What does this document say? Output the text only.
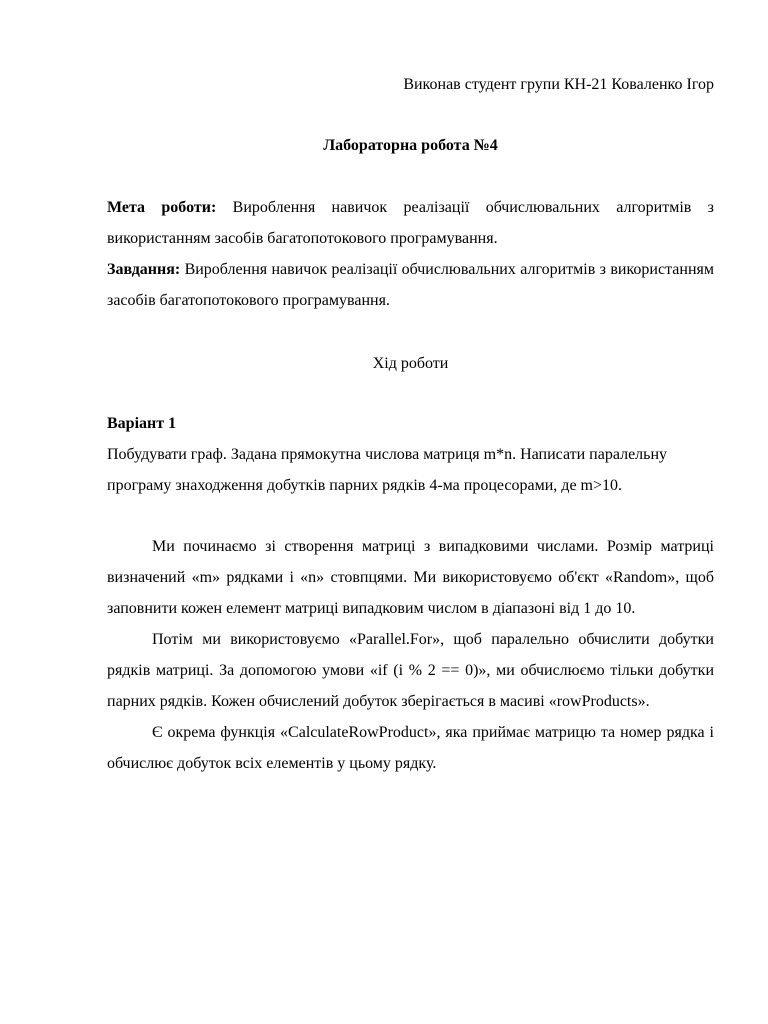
Виконав студент групи КН-21 Коваленко Ігор
Лабораторна робота №4

Мета роботи: Вироблення навичок реалізації обчислювальних алгоритмів з використанням засобів багатопотокового програмування.

Завдання: Вироблення навичок реалізації обчислювальних алгоритмів з використанням засобів багатопотокового програмування.

Хід роботи

Варіант 1

Побудувати граф. Задана прямокутна числова матриця m*n. Написати паралельну програму знаходження добутків парних рядків 4-ма процесорами, де m>10.

Ми починаємо зі створення матриці з випадковими числами. Розмір матриці визначений «m» рядками і «n» стовпцями. Ми використовуємо об'єкт «Random», щоб заповнити кожен елемент матриці випадковим числом в діапазоні від 1 до 10.

Потім ми використовуємо «Parallel.For», щоб паралельно обчислити добутки рядків матриці. За допомогою умови «if (i % 2 == 0)», ми обчислюємо тільки добутки парних рядків. Кожен обчислений добуток зберігається в масиві «rowProducts».

Є окрема функція «CalculateRowProduct», яка приймає матрицю та номер рядка і обчислює добуток всіх елементів у цьому рядку.
